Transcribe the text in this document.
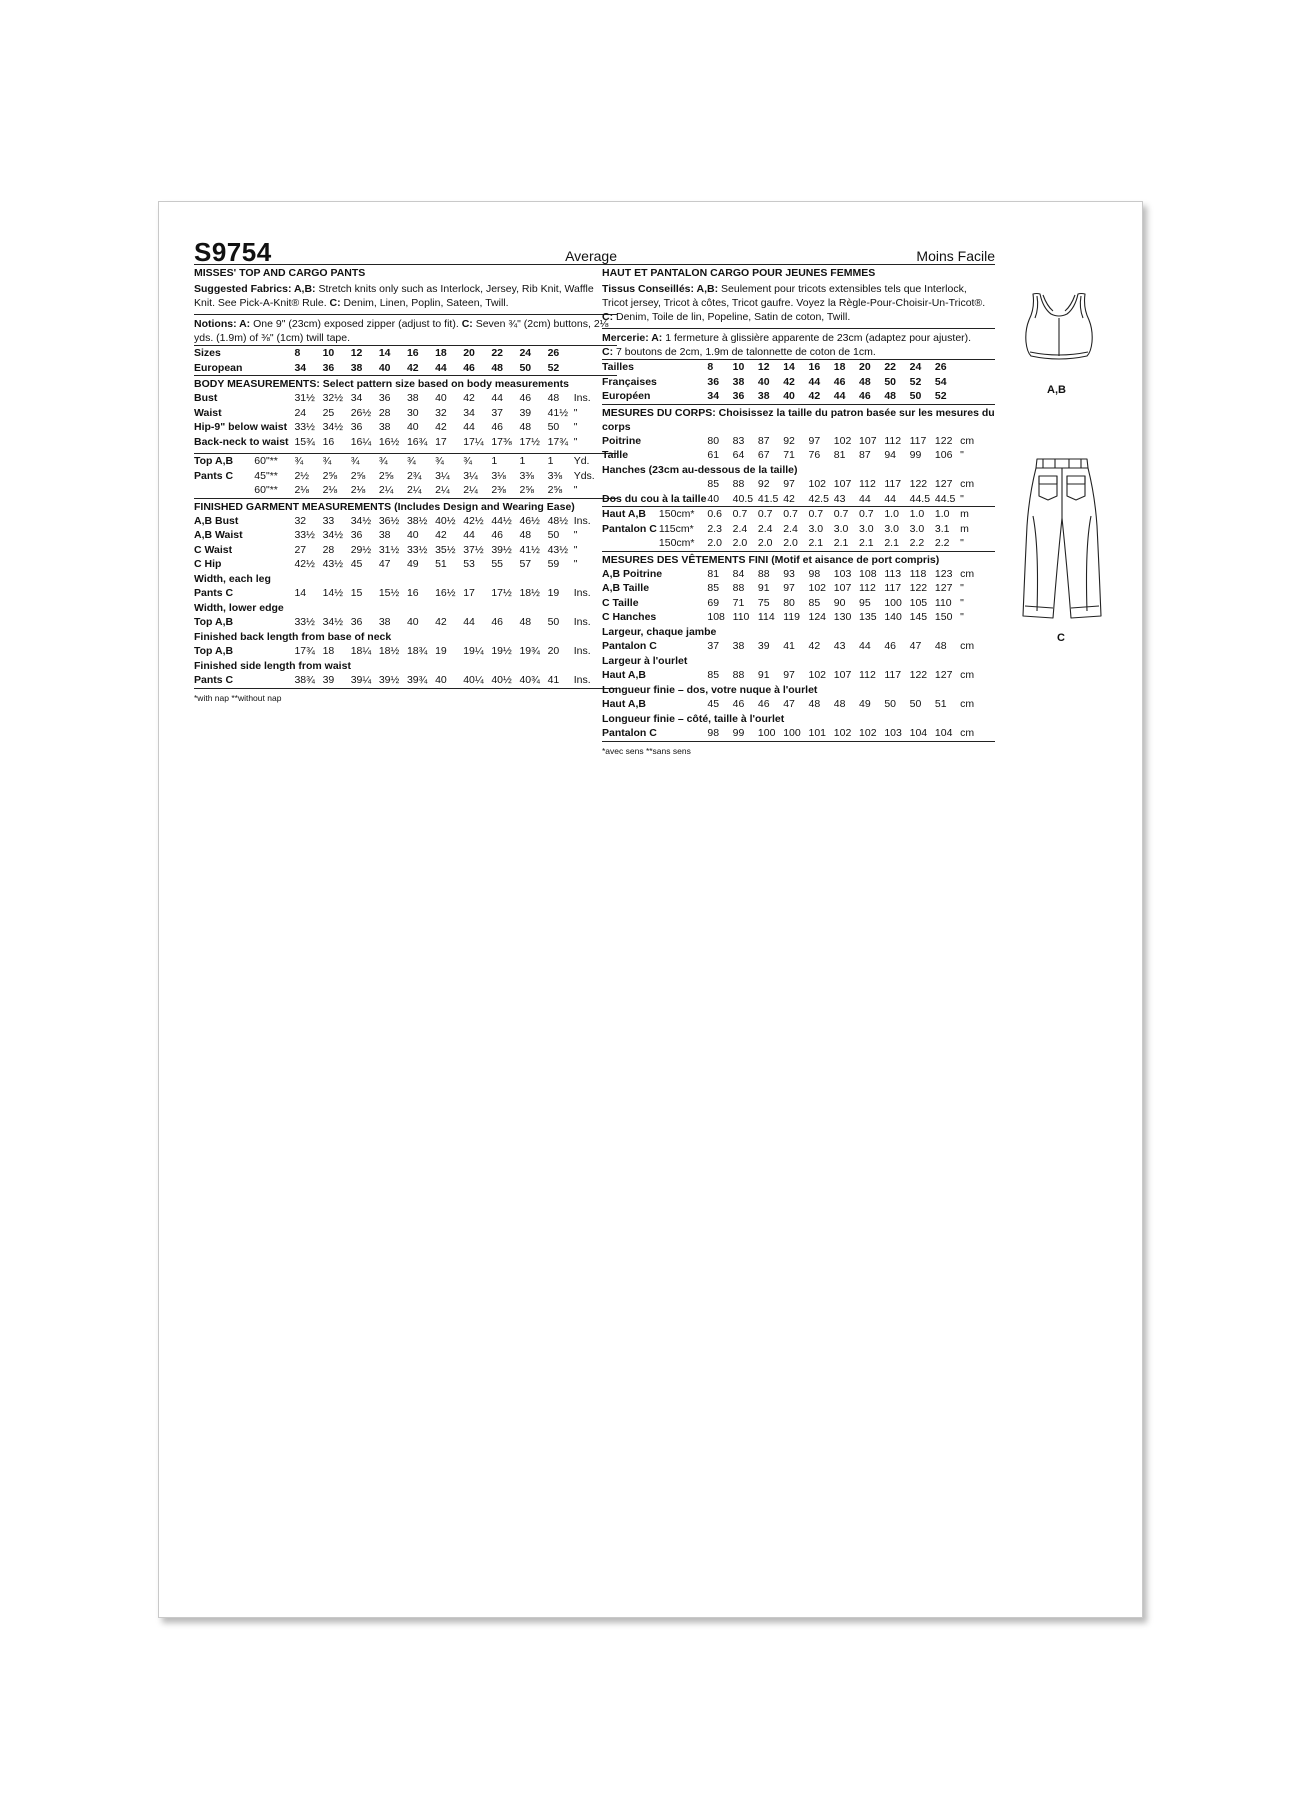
S9754	Average
MISSES' TOP AND CARGO PANTS
Suggested Fabrics: A,B: Stretch knits only such as Interlock, Jersey, Rib Knit, Waffle Knit. See Pick-A-Knit® Rule. C: Denim, Linen, Poplin, Sateen, Twill.
Notions: A: One 9" (23cm) exposed zipper (adjust to fit). C: Seven ¾" (2cm) buttons, 2⅛ yds. (1.9m) of ⅜" (1cm) twill tape.
Sizes	8	10	12	14	16	18	20	22	24	26	
European	34	36	38	40	42	44	46	48	50	52	
BODY MEASUREMENTS: Select pattern size based on body measurements
Bust	31½	32½	34	36	38	40	42	44	46	48	Ins.
Waist	24	25	26½	28	30	32	34	37	39	41½	"
Hip-9" below waist	33½	34½	36	38	40	42	44	46	48	50	"
Back-neck to waist	15¾	16	16¼	16½	16¾	17	17¼	17⅜	17½	17¾	"
Top A,B	60"**	¾	¾	¾	¾	¾	¾	¾	1	1	1	Yd.
Pants C	45"**	2½	2⅝	2⅝	2⅝	2¾	3¼	3¼	3⅛	3⅜	3⅜	Yds.
	60"**	2⅛	2⅛	2⅛	2¼	2¼	2¼	2¼	2⅜	2⅝	2⅝	"
FINISHED GARMENT MEASUREMENTS (Includes Design and Wearing Ease)
A,B Bust	32	33	34½	36½	38½	40½	42½	44½	46½	48½	Ins.
A,B Waist	33½	34½	36	38	40	42	44	46	48	50	"
C Waist	27	28	29½	31½	33½	35½	37½	39½	41½	43½	"
C Hip	42½	43½	45	47	49	51	53	55	57	59	"
Width, each leg											
Pants C	14	14½	15	15½	16	16½	17	17½	18½	19	Ins.
Width, lower edge											
Top A,B	33½	34½	36	38	40	42	44	46	48	50	Ins.
Finished back length from base of neck											
Top A,B	17¾	18	18¼	18½	18¾	19	19¼	19½	19¾	20	Ins.
Finished side length from waist											
Pants C	38¾	39	39¼	39½	39¾	40	40¼	40½	40¾	41	Ins.
*with nap **without nap
Moins Facile
HAUT ET PANTALON CARGO POUR JEUNES FEMMES
Tissus Conseillés: A,B: Seulement pour tricots extensibles tels que Interlock, Tricot jersey, Tricot à côtes, Tricot gaufre. Voyez la Règle-Pour-Choisir-Un-Tricot®. C: Denim, Toile de lin, Popeline, Satin de coton, Twill.
Mercerie: A: 1 fermeture à glissière apparente de 23cm (adaptez pour ajuster).
C: 7 boutons de 2cm, 1.9m de talonnette de coton de 1cm.
Tailles	8	10	12	14	16	18	20	22	24	26	
Françaises	36	38	40	42	44	46	48	50	52	54	
Européen	34	36	38	40	42	44	46	48	50	52	
MESURES DU CORPS: Choisissez la taille du patron basée sur les mesures du corps
Poitrine	80	83	87	92	97	102	107	112	117	122	cm
Taille	61	64	67	71	76	81	87	94	99	106	"
Hanches (23cm au-dessous de la taille)											
	85	88	92	97	102	107	112	117	122	127	cm
Dos du cou à la taille	40	40.5	41.5	42	42.5	43	44	44	44.5	44.5	"
Haut A,B	150cm*	0.6	0.7	0.7	0.7	0.7	0.7	0.7	1.0	1.0	1.0	m
Pantalon C	115cm*	2.3	2.4	2.4	2.4	3.0	3.0	3.0	3.0	3.0	3.1	m
	150cm*	2.0	2.0	2.0	2.0	2.1	2.1	2.1	2.1	2.2	2.2	"
MESURES DES VÊTEMENTS FINI (Motif et aisance de port compris)
A,B Poitrine	81	84	88	93	98	103	108	113	118	123	cm
A,B Taille	85	88	91	97	102	107	112	117	122	127	"
C Taille	69	71	75	80	85	90	95	100	105	110	"
C Hanches	108	110	114	119	124	130	135	140	145	150	"
Largeur, chaque jambe											
Pantalon C	37	38	39	41	42	43	44	46	47	48	cm
Largeur à l'ourlet											
Haut A,B	85	88	91	97	102	107	112	117	122	127	cm
Longueur finie – dos, votre nuque à l'ourlet											
Haut A,B	45	46	46	47	48	48	49	50	50	51	cm
Longueur finie – côté, taille à l'ourlet											
Pantalon C	98	99	100	100	101	102	102	103	104	104	cm
*avec sens **sans sens
A,B
C
